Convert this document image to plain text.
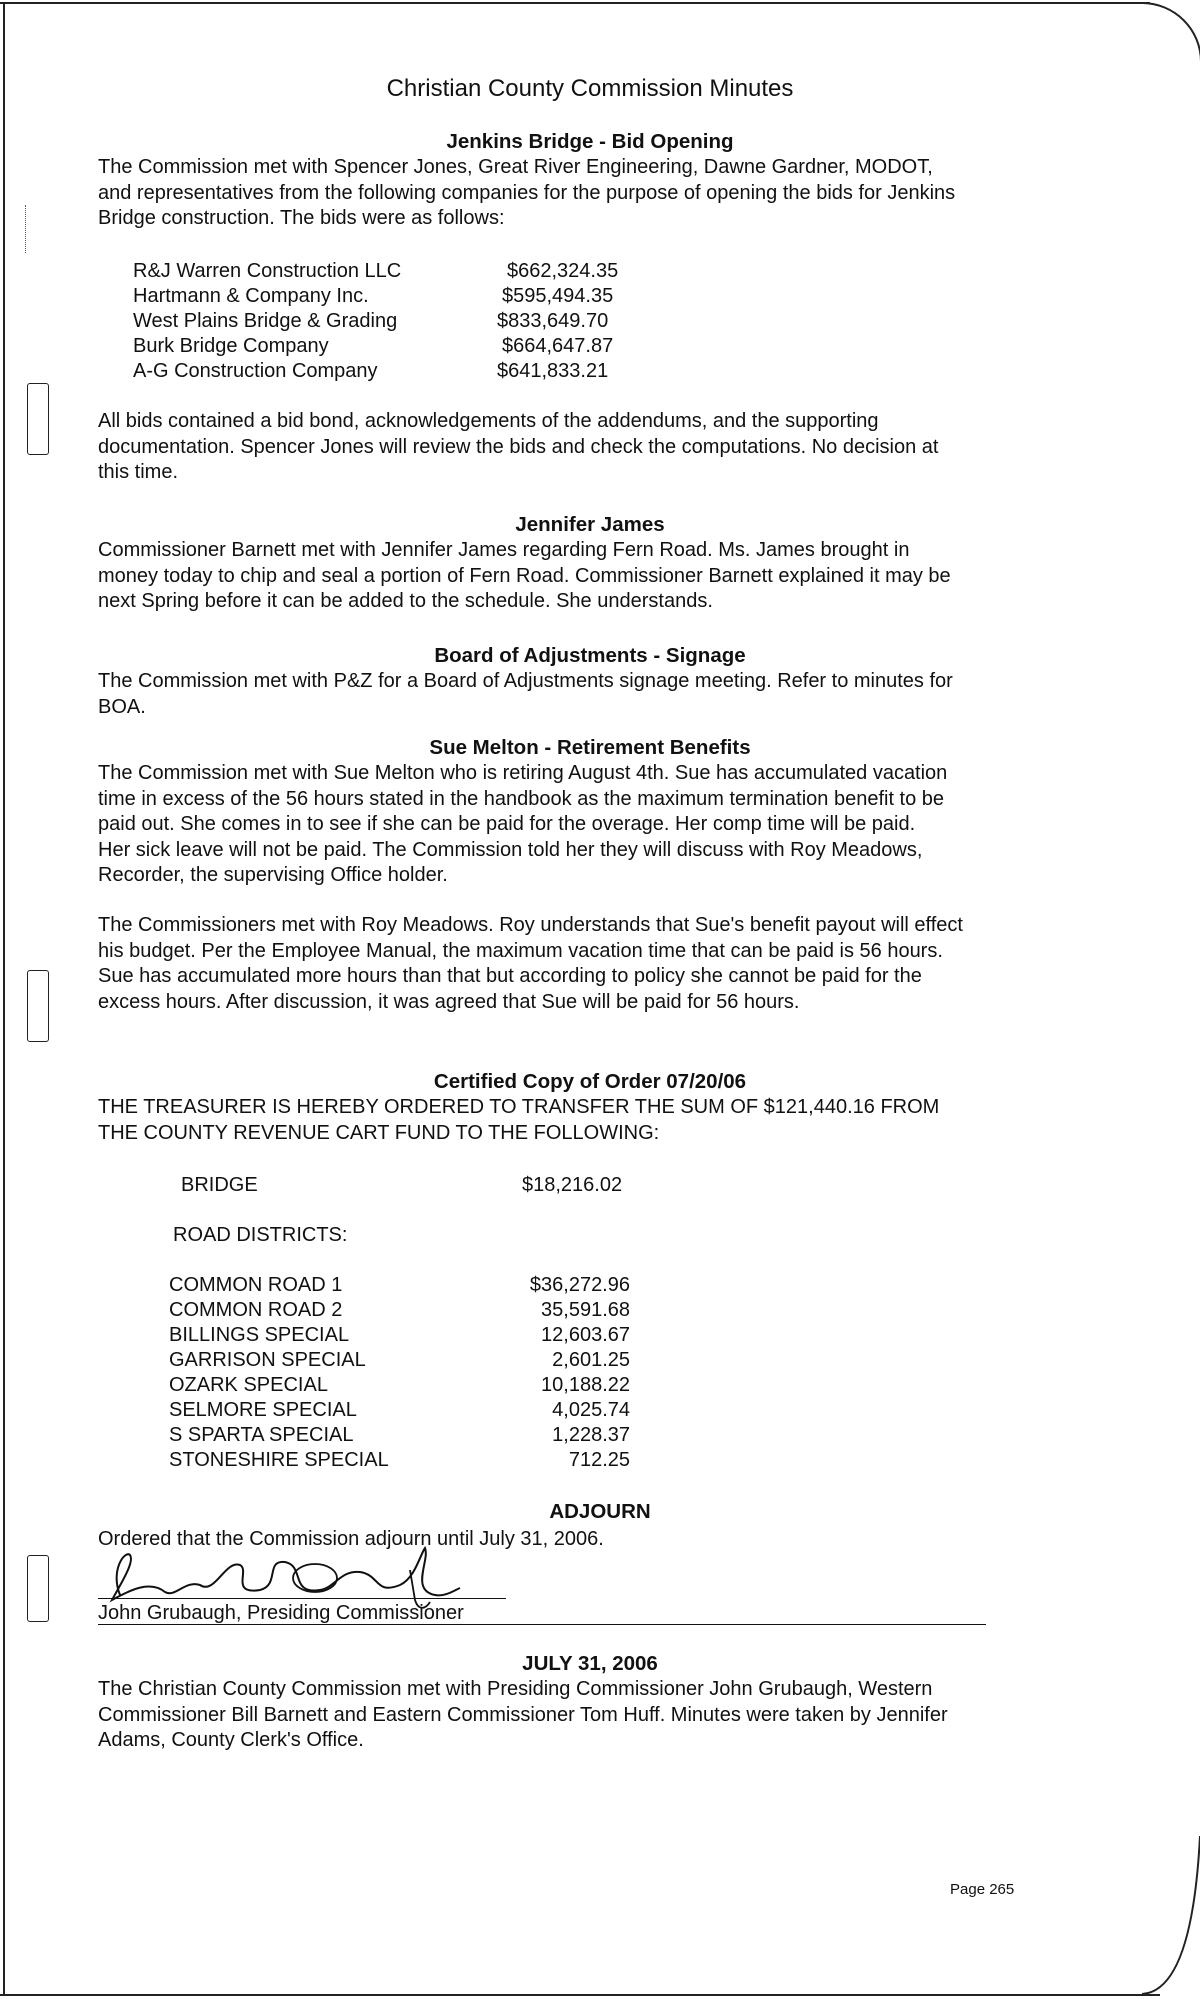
Christian County Commission Minutes
Jenkins Bridge - Bid Opening
The Commission met with Spencer Jones, Great River Engineering, Dawne Gardner, MODOT,
and representatives from the following companies for the purpose of opening the bids for Jenkins
Bridge construction. The bids were as follows:
R&J Warren Construction LLC	$662,324.35
Hartmann & Company Inc.	$595,494.35
West Plains Bridge & Grading	$833,649.70
Burk Bridge Company	$664,647.87
A-G Construction Company	$641,833.21
All bids contained a bid bond, acknowledgements of the addendums, and the supporting
documentation. Spencer Jones will review the bids and check the computations. No decision at
this time.
Jennifer James
Commissioner Barnett met with Jennifer James regarding Fern Road. Ms. James brought in
money today to chip and seal a portion of Fern Road. Commissioner Barnett explained it may be
next Spring before it can be added to the schedule. She understands.
Board of Adjustments - Signage
The Commission met with P&Z for a Board of Adjustments signage meeting. Refer to minutes for
BOA.
Sue Melton - Retirement Benefits
The Commission met with Sue Melton who is retiring August 4th. Sue has accumulated vacation
time in excess of the 56 hours stated in the handbook as the maximum termination benefit to be
paid out. She comes in to see if she can be paid for the overage. Her comp time will be paid.
Her sick leave will not be paid. The Commission told her they will discuss with Roy Meadows,
Recorder, the supervising Office holder.
The Commissioners met with Roy Meadows. Roy understands that Sue's benefit payout will effect
his budget. Per the Employee Manual, the maximum vacation time that can be paid is 56 hours.
Sue has accumulated more hours than that but according to policy she cannot be paid for the
excess hours. After discussion, it was agreed that Sue will be paid for 56 hours.
Certified Copy of Order 07/20/06
THE TREASURER IS HEREBY ORDERED TO TRANSFER THE SUM OF $121,440.16 FROM
THE COUNTY REVENUE CART FUND TO THE FOLLOWING:
BRIDGE	$18,216.02
ROAD DISTRICTS:
COMMON ROAD 1	$36,272.96
COMMON ROAD 2	35,591.68
BILLINGS SPECIAL	12,603.67
GARRISON SPECIAL	2,601.25
OZARK SPECIAL	10,188.22
SELMORE SPECIAL	4,025.74
S SPARTA SPECIAL	1,228.37
STONESHIRE SPECIAL	712.25
ADJOURN
Ordered that the Commission adjourn until July 31, 2006.
John Grubaugh, Presiding Commissioner
JULY 31, 2006
The Christian County Commission met with Presiding Commissioner John Grubaugh, Western
Commissioner Bill Barnett and Eastern Commissioner Tom Huff. Minutes were taken by Jennifer
Adams, County Clerk's Office.
Page 265
